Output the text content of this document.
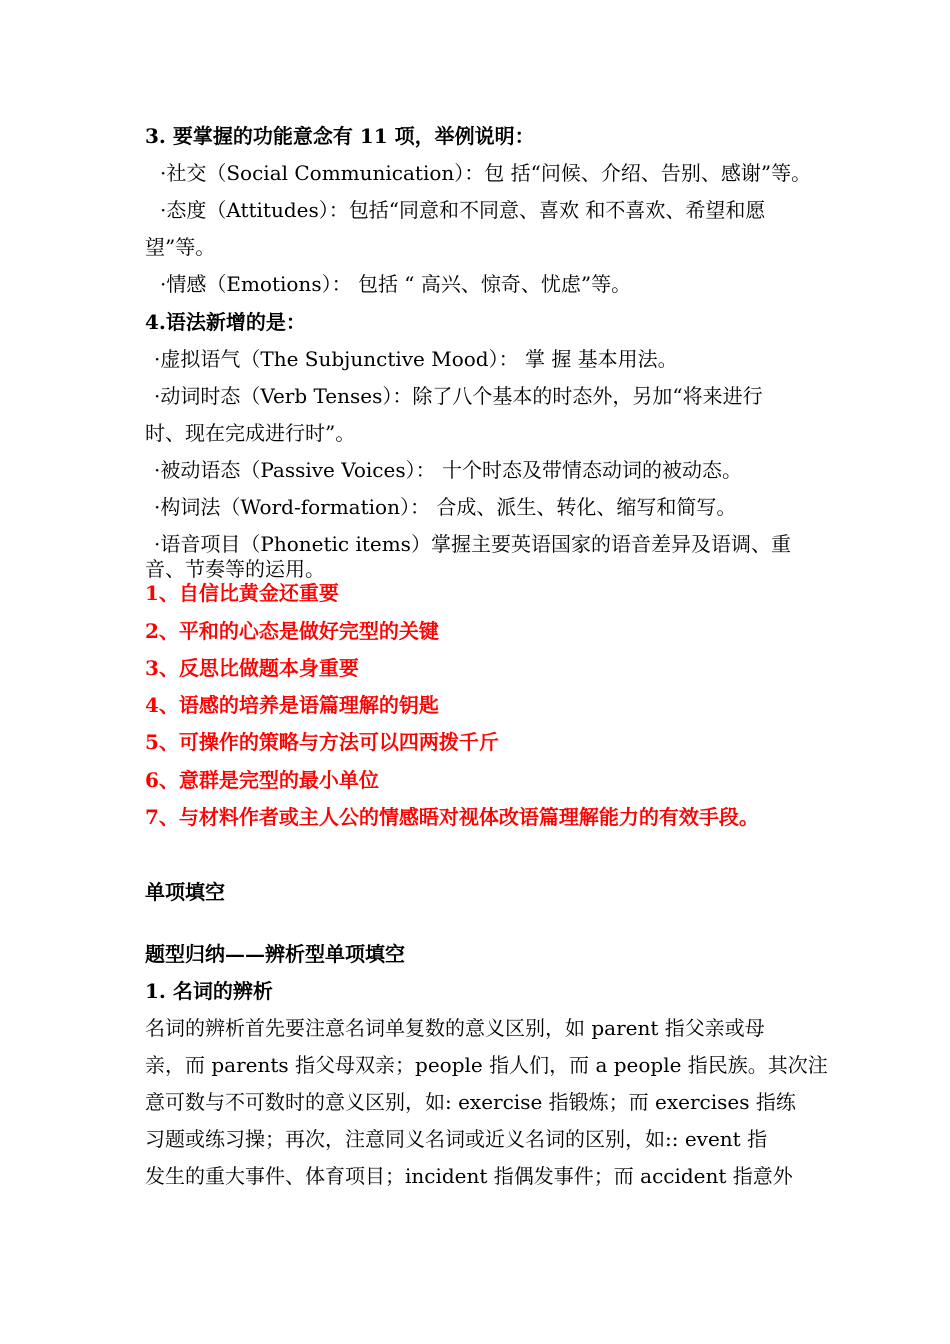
3. 要掌握的功能意念有 11 项，举例说明：
·社交（Social Communication）：包 括“问候、介绍、告别、感谢”等。
·态度（Attitudes）：包括“同意和不同意、喜欢 和不喜欢、希望和愿
望”等。
·情感（Emotions）： 包括 “ 高兴、惊奇、忧虑”等。
4.语法新增的是：
·虚拟语气（The Subjunctive Mood）： 掌 握 基本用法。
·动词时态（Verb Tenses）：除了八个基本的时态外，另加“将来进行
时、现在完成进行时”。
·被动语态（Passive Voices）： 十个时态及带情态动词的被动态。
·构词法（Word-formation）： 合成、派生、转化、缩写和简写。
·语音项目（Phonetic items）掌握主要英语国家的语音差异及语调、重
音、节奏等的运用。
1、自信比黄金还重要
2、平和的心态是做好完型的关键
3、反思比做题本身重要
4、语感的培养是语篇理解的钥匙
5、可操作的策略与方法可以四两拨千斤
6、意群是完型的最小单位
7、与材料作者或主人公的情感晤对视体改语篇理解能力的有效手段。
单项填空
题型归纳——辨析型单项填空
1. 名词的辨析
名词的辨析首先要注意名词单复数的意义区别，如 parent 指父亲或母
亲，而 parents 指父母双亲；people 指人们，而 a people 指民族。其次注
意可数与不可数时的意义区别，如: exercise 指锻炼；而 exercises 指练
习题或练习操；再次，注意同义名词或近义名词的区别，如:: event 指
发生的重大事件、体育项目；incident 指偶发事件；而 accident 指意外
